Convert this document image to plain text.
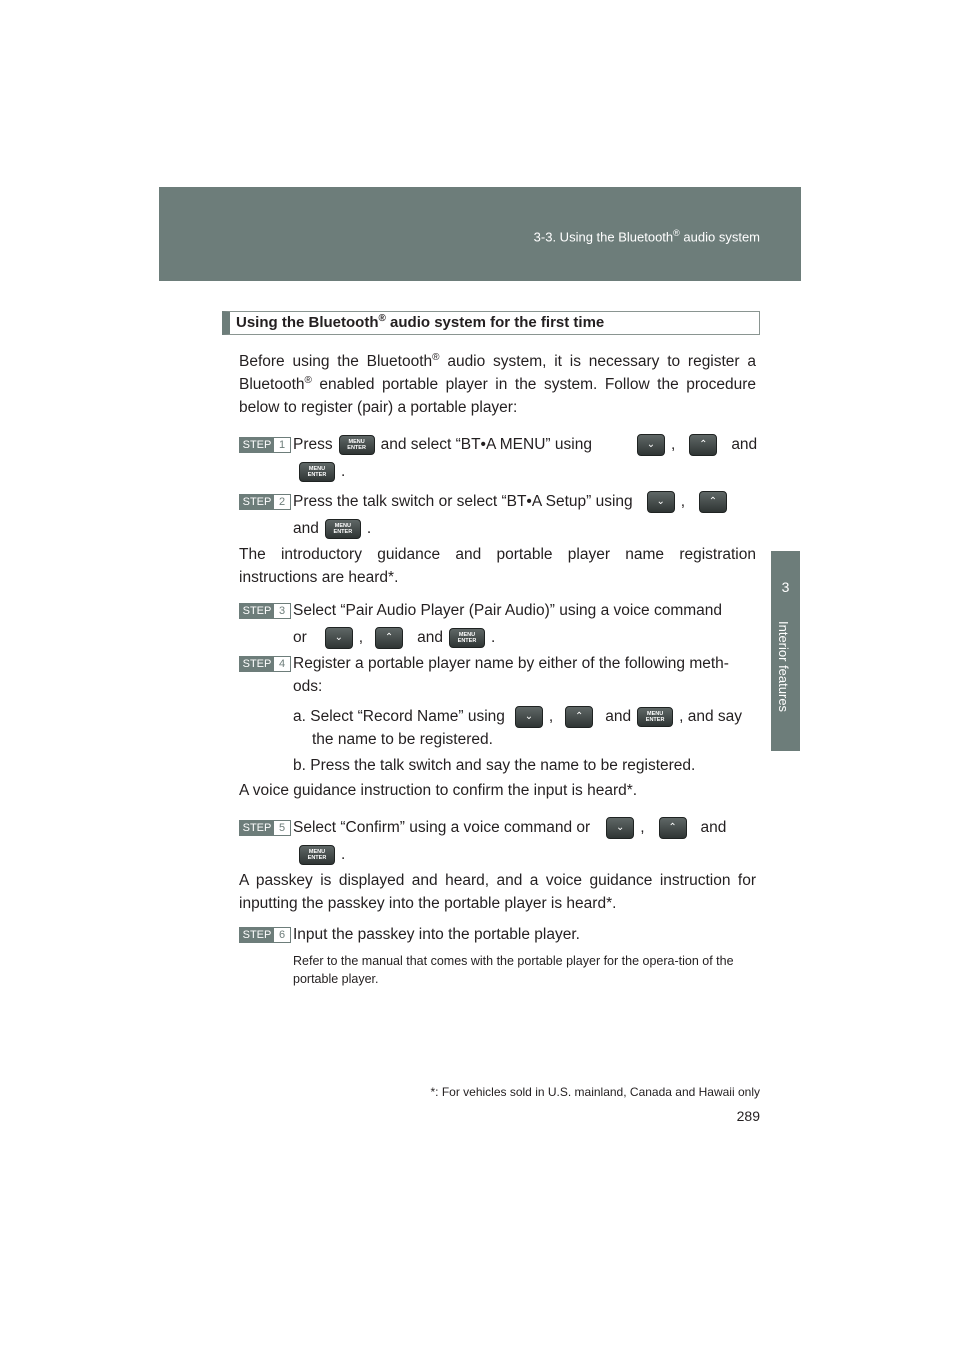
3-3. Using the Bluetooth® audio system
3
Interior features
Using the Bluetooth® audio system for the first time
Before using the Bluetooth® audio system, it is necessary to register a Bluetooth® enabled portable player in the system. Follow the procedure below to register (pair) a portable player:
STEP 1 Press	MENU
ENTER and select “BT•A MENU” using	⌄	,	⌃	and
MENU
ENTER .
STEP 2 Press the talk switch or select “BT•A Setup” using	⌄	,	⌃
and	MENU
ENTER .
The introductory guidance and portable player name registration instructions are heard*.
STEP 3 Select “Pair Audio Player (Pair Audio)” using a voice command
or	⌄	,	⌃	and	MENU
ENTER .
STEP 4 Register a portable player name by either of the following meth-
ods:
a. Select “Record Name” using	⌄	,	⌃	and	MENU
ENTER , and say
the name to be registered.
b. Press the talk switch and say the name to be registered.
A voice guidance instruction to confirm the input is heard*.
STEP 5 Select “Confirm” using a voice command or	⌄	,	⌃	and
MENU
ENTER .
A passkey is displayed and heard, and a voice guidance instruction for inputting the passkey into the portable player is heard*.
STEP 6 Input the passkey into the portable player.
Refer to the manual that comes with the portable player for the opera-tion of the portable player.
*: For vehicles sold in U.S. mainland, Canada and Hawaii only
289
